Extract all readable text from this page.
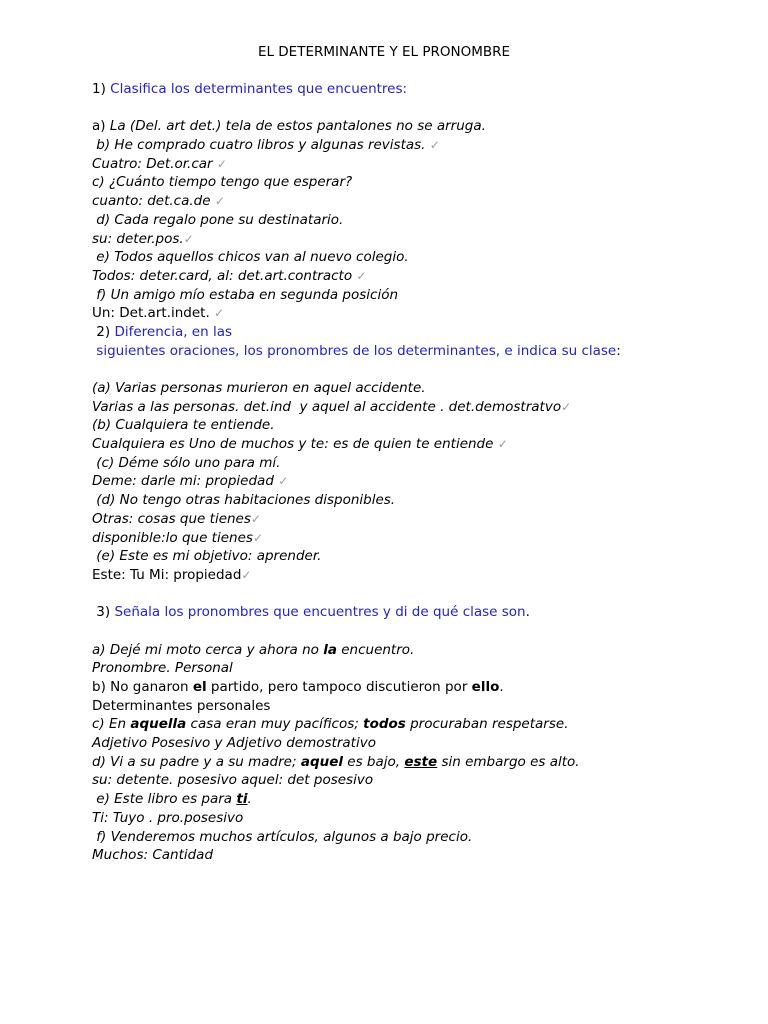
EL DETERMINANTE Y EL PRONOMBRE
1) Clasifica los determinantes que encuentres:
a) La (Del. art det.) tela de estos pantalones no se arruga.
b) He comprado cuatro libros y algunas revistas. ✓
Cuatro: Det.or.car ✓
c) ¿Cuánto tiempo tengo que esperar?
cuanto: det.ca.de ✓
d) Cada regalo pone su destinatario.
su: deter.pos.✓
e) Todos aquellos chicos van al nuevo colegio.
Todos: deter.card, al: det.art.contracto ✓
f) Un amigo mío estaba en segunda posición
Un: Det.art.indet. ✓
2) Diferencia, en las
siguientes oraciones, los pronombres de los determinantes, e indica su clase:
(a) Varias personas murieron en aquel accidente.
Varias a las personas. det.ind  y aquel al accidente . det.demostratvo✓
(b) Cualquiera te entiende.
Cualquiera es Uno de muchos y te: es de quien te entiende ✓
(c) Déme sólo uno para mí.
Deme: darle mi: propiedad ✓
(d) No tengo otras habitaciones disponibles.
Otras: cosas que tienes✓
disponible:lo que tienes✓
(e) Este es mi objetivo: aprender.
Este: Tu Mi: propiedad✓
3) Señala los pronombres que encuentres y di de qué clase son.
a) Dejé mi moto cerca y ahora no la encuentro.
Pronombre. Personal
b) No ganaron el partido, pero tampoco discutieron por ello.
Determinantes personales
c) En aquella casa eran muy pacíficos; todos procuraban respetarse.
Adjetivo Posesivo y Adjetivo demostrativo
d) Vi a su padre y a su madre; aquel es bajo, este sin embargo es alto.
su: detente. posesivo aquel: det posesivo
e) Este libro es para ti.
Ti: Tuyo . pro.posesivo
f) Venderemos muchos artículos, algunos a bajo precio.
Muchos: Cantidad
